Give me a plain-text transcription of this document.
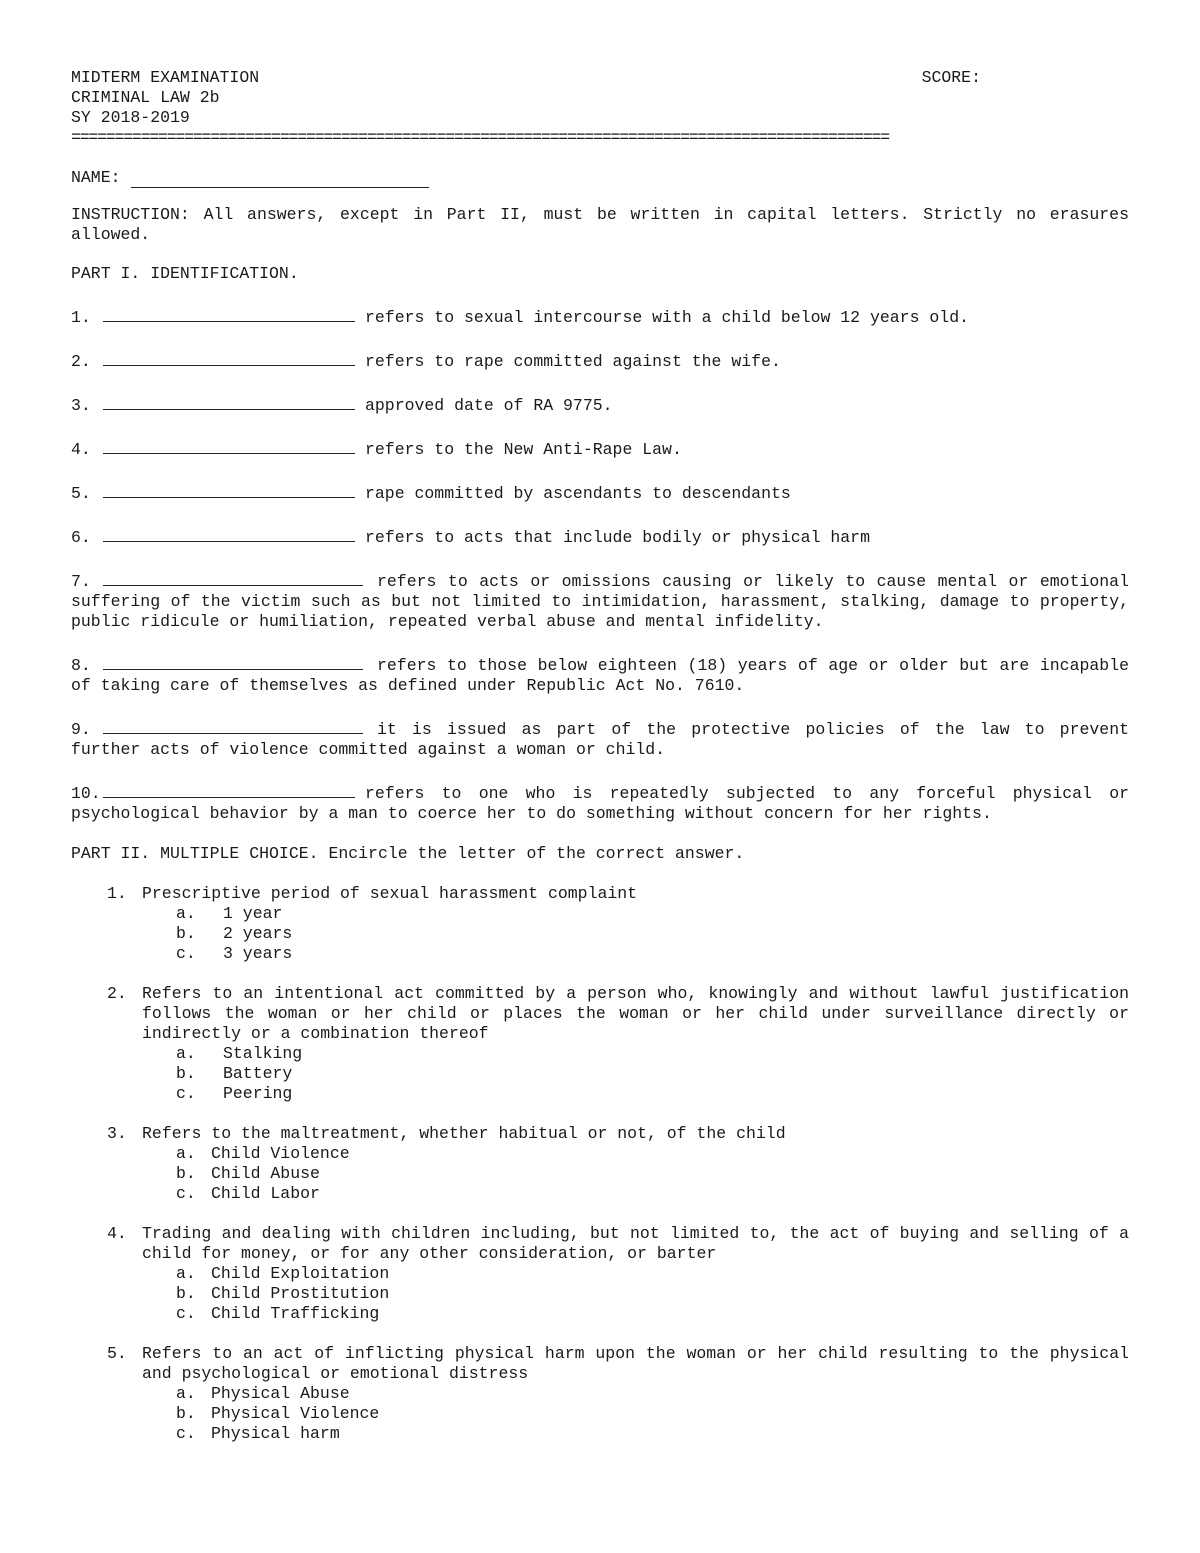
MIDTERM EXAMINATION	SCORE:
CRIMINAL LAW 2b
SY 2018-2019
==============================================================================================
NAME:
INSTRUCTION: All answers, except in Part II, must be written in capital letters. Strictly no erasures allowed.
PART I. IDENTIFICATION.
1.	refers to sexual intercourse with a child below 12 years old.
2.	refers to rape committed against the wife.
3.	approved date of RA 9775.
4.	refers to the New Anti-Rape Law.
5.	rape committed by ascendants to descendants
6.	refers to acts that include bodily or physical harm
7.	refers to acts or omissions causing or likely to cause mental or emotional suffering of the victim such as but not limited to intimidation, harassment, stalking, damage to property, public ridicule or humiliation, repeated verbal abuse and mental infidelity.
8.	refers to those below eighteen (18) years of age or older but are incapable of taking care of themselves as defined under Republic Act No. 7610.
9.	it is issued as part of the protective policies of the law to prevent further acts of violence committed against a woman or child.
10.	refers to one who is repeatedly subjected to any forceful physical or psychological behavior by a man to coerce her to do something without concern for her rights.
PART II. MULTIPLE CHOICE. Encircle the letter of the correct answer.
1. Prescriptive period of sexual harassment complaint
a.	1 year
b.	2 years
c.	3 years
2. Refers to an intentional act committed by a person who, knowingly and without lawful justification follows the woman or her child or places the woman or her child under surveillance directly or indirectly or a combination thereof
a.	Stalking
b.	Battery
c.	Peering
3. Refers to the maltreatment, whether habitual or not, of the child
a. Child Violence
b. Child Abuse
c. Child Labor
4. Trading and dealing with children including, but not limited to, the act of buying and selling of a child for money, or for any other consideration, or barter
a. Child Exploitation
b. Child Prostitution
c. Child Trafficking
5. Refers to an act of inflicting physical harm upon the woman or her child resulting to the physical and psychological or emotional distress
a. Physical Abuse
b. Physical Violence
c. Physical harm
